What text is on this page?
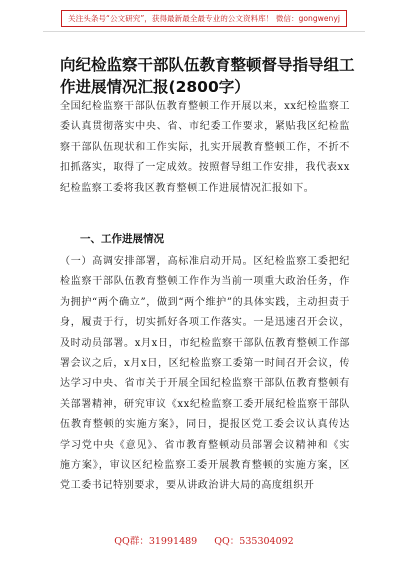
关注头条号“公文研究”，获得最新最全最专业的公文资料库！ 微信：gongwenyj
向纪检监察干部队伍教育整顿督导指导组工作进展情况汇报(2800字）

全国纪检监察干部队伍教育整顿工作开展以来，xx纪检监察工委认真贯彻落实中央、省、市纪委工作要求，紧贴我区纪检监察干部队伍现状和工作实际，扎实开展教育整顿工作，不折不扣抓落实，取得了一定成效。按照督导组工作安排，我代表xx纪检监察工委将我区教育整顿工作进展情况汇报如下。

一、工作进展情况

（一）高调安排部署，高标准启动开局。区纪检监察工委把纪检监察干部队伍教育整顿工作作为当前一项重大政治任务，作为拥护“两个确立”，做到“两个维护”的具体实践，主动担责于身，履责于行，切实抓好各项工作落实。一是迅速召开会议，及时动员部署。x月x日，市纪检监察干部队伍教育整顿工作部署会议之后，x月x日，区纪检监察工委第一时间召开会议，传达学习中央、省市关于开展全国纪检监察干部队伍教育整顿有关部署精神，研究审议《xx纪检监察工委开展纪检监察干部队伍教育整顿的实施方案》，同日，提报区党工委会议认真传达学习党中央《意见》、省市教育整顿动员部署会议精神和《实施方案》，审议区纪检监察工委开展教育整顿的实施方案，区党工委书记特别要求，要从讲政治讲大局的高度组织开

QQ群：31991489 QQ：535304092
